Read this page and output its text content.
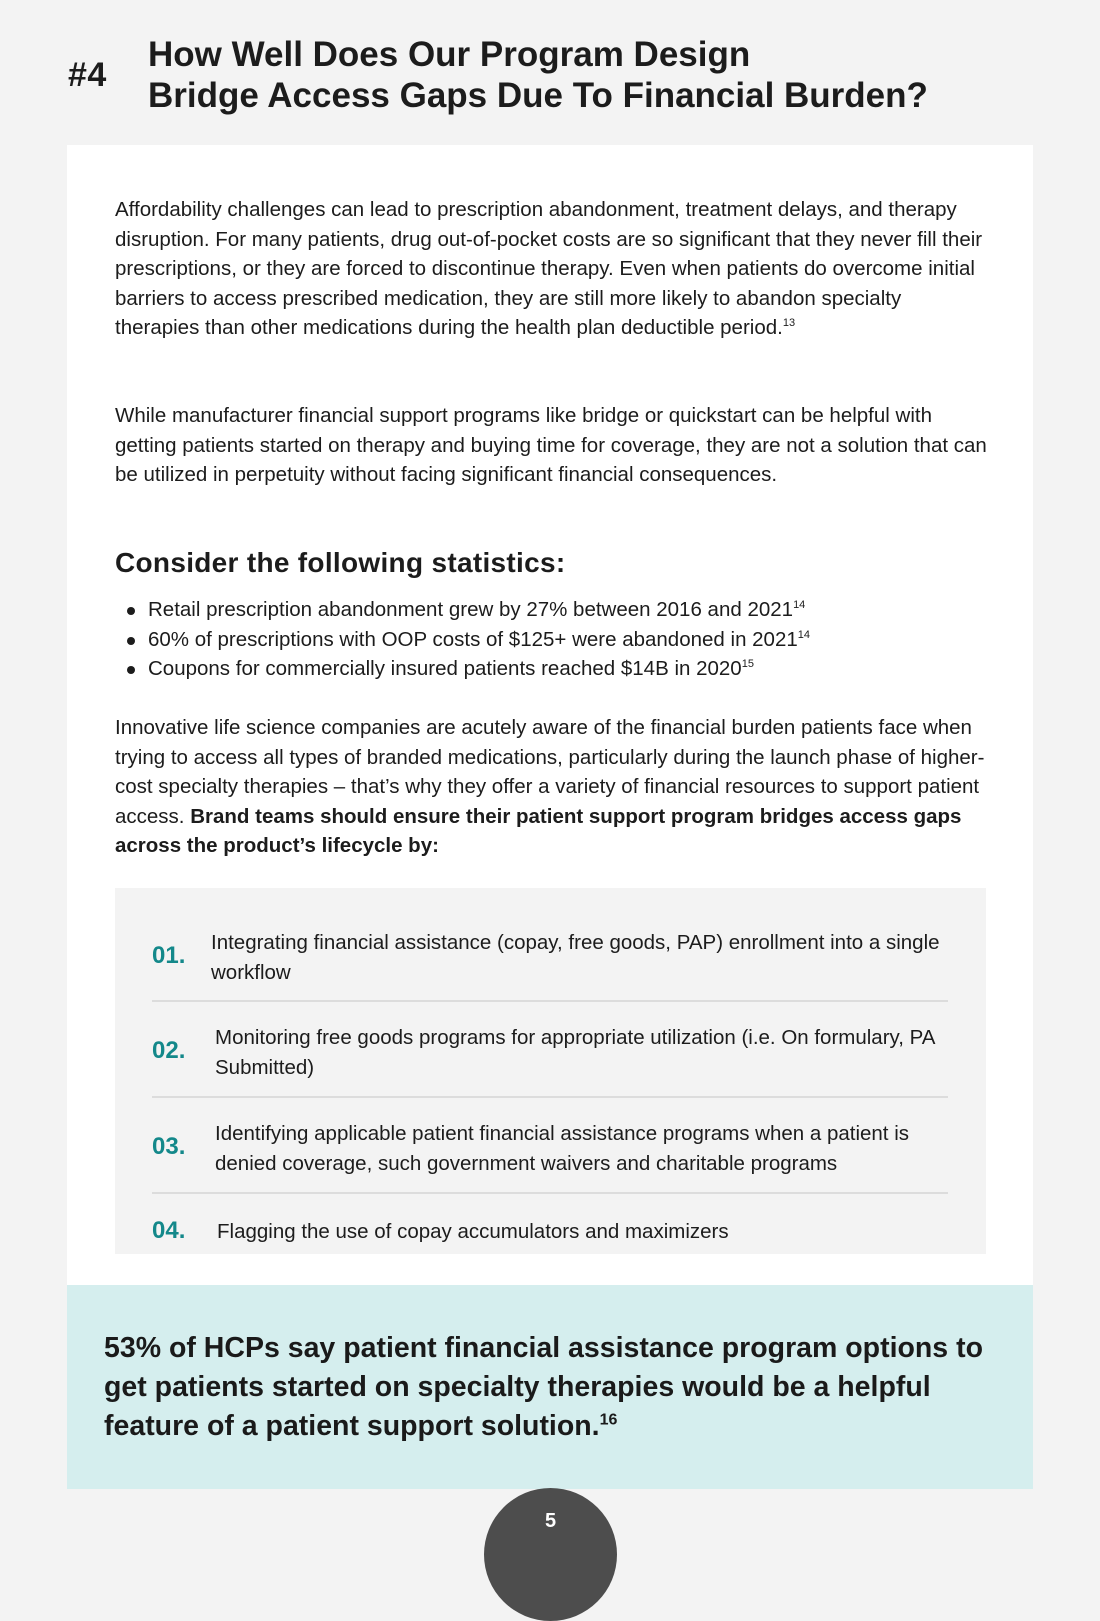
#4
How Well Does Our Program Design
Bridge Access Gaps Due To Financial Burden?

Affordability challenges can lead to prescription abandonment, treatment delays, and therapy disruption. For many patients, drug out-of-pocket costs are so significant that they never fill their prescriptions, or they are forced to discontinue therapy. Even when patients do overcome initial barriers to access prescribed medication, they are still more likely to abandon specialty therapies than other medications during the health plan deductible period.$^{13}$

While manufacturer financial support programs like bridge or quickstart can be helpful with getting patients started on therapy and buying time for coverage, they are not a solution that can be utilized in perpetuity without facing significant financial consequences.

Consider the following statistics:
Retail prescription abandonment grew by 27% between 2016 and 2021$^{14}$
60% of prescriptions with OOP costs of $125+ were abandoned in 2021$^{14}$
Coupons for commercially insured patients reached $14B in 2020$^{15}$

Innovative life science companies are acutely aware of the financial burden patients face when trying to access all types of branded medications, particularly during the launch phase of higher-cost specialty therapies – that’s why they offer a variety of financial resources to support patient access. Brand teams should ensure their patient support program bridges access gaps across the product’s lifecycle by:

01. Integrating financial assistance (copay, free goods, PAP) enrollment into a single workflow
02. Monitoring free goods programs for appropriate utilization (i.e. On formulary, PA Submitted)
03. Identifying applicable patient financial assistance programs when a patient is denied coverage, such government waivers and charitable programs
04. Flagging the use of copay accumulators and maximizers

53% of HCPs say patient financial assistance program options to get patients started on specialty therapies would be a helpful feature of a patient support solution.$^{16}$

5
